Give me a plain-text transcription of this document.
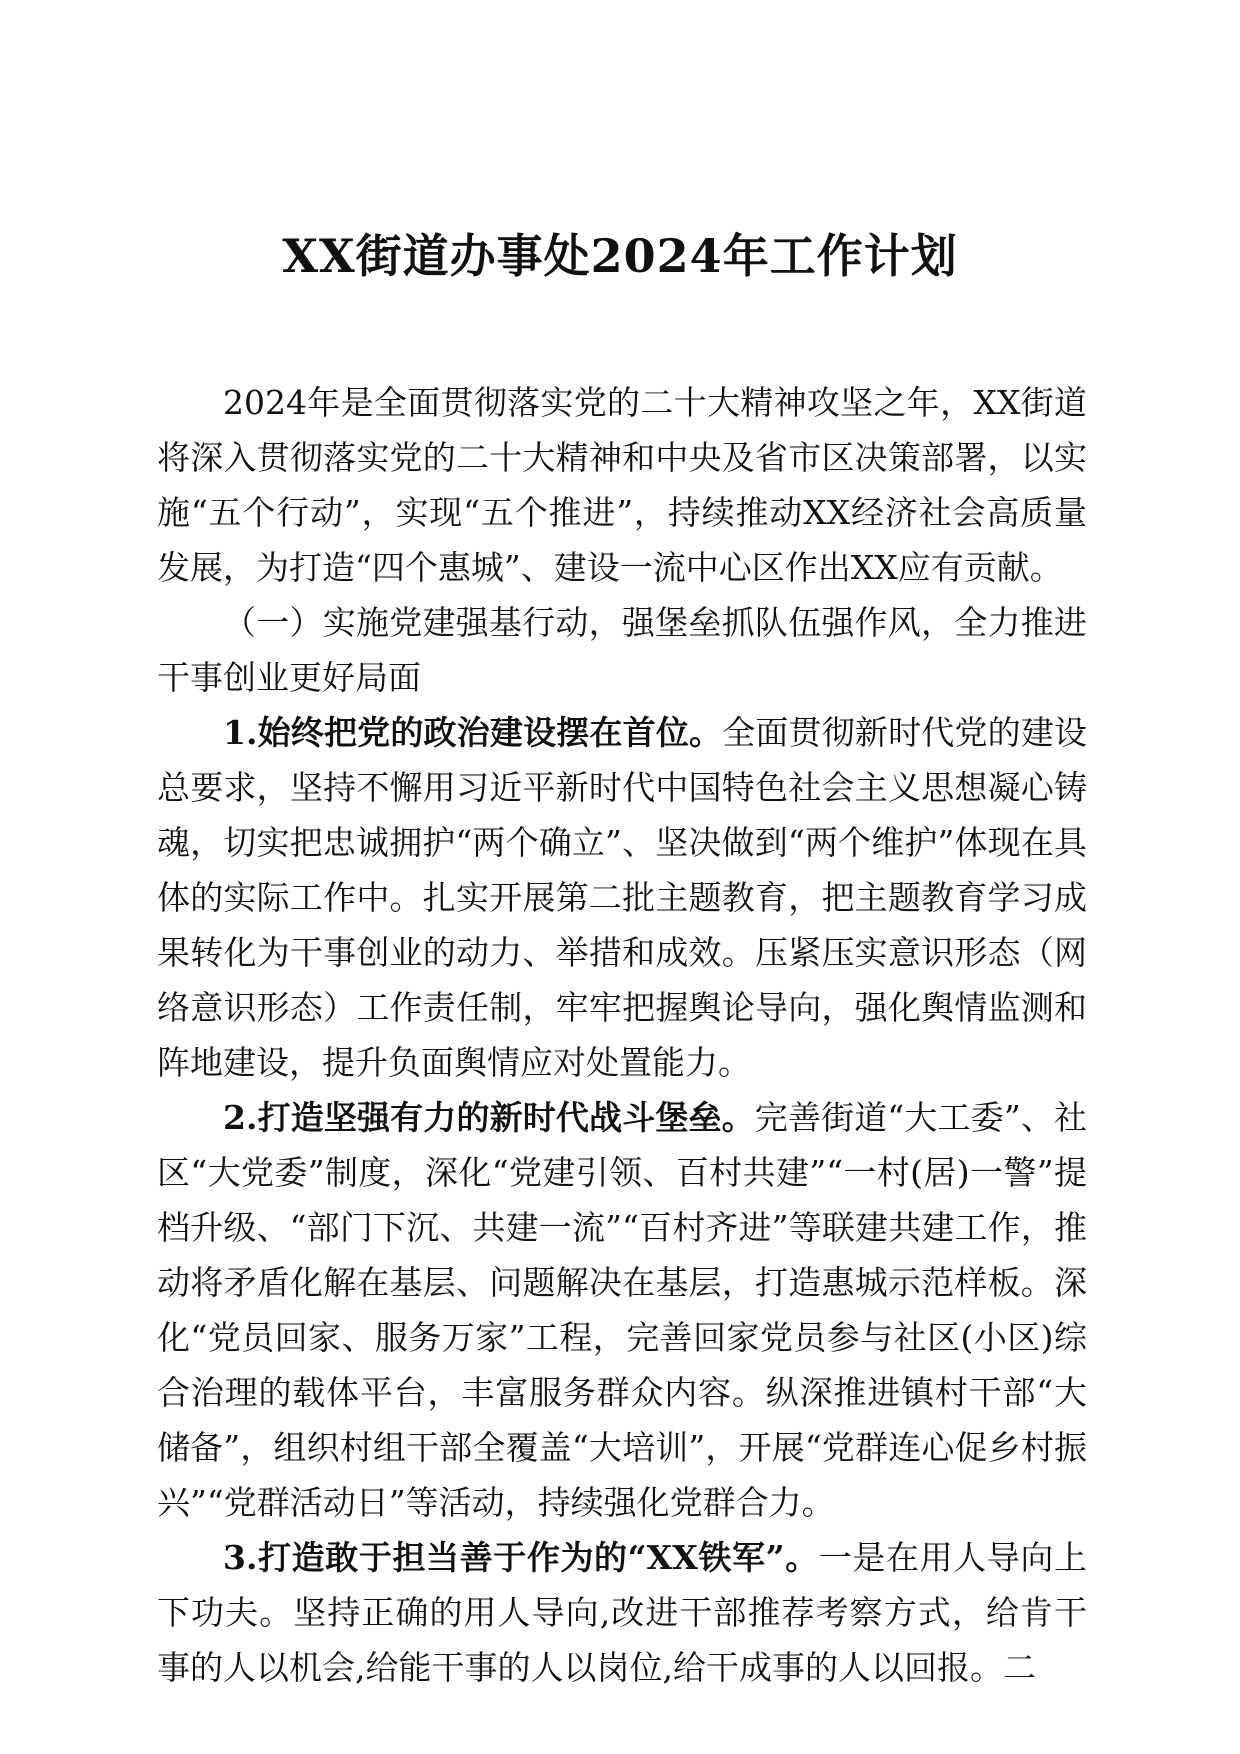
XX街道办事处2024年工作计划

2024年是全面贯彻落实党的二十大精神攻坚之年，XX街道将深入贯彻落实党的二十大精神和中央及省市区决策部署，以实施“五个行动”，实现“五个推进”，持续推动XX经济社会高质量发展，为打造“四个惠城”、建设一流中心区作出XX应有贡献。

（一）实施党建强基行动，强堡垒抓队伍强作风，全力推进干事创业更好局面

1.始终把党的政治建设摆在首位。全面贯彻新时代党的建设总要求，坚持不懈用习近平新时代中国特色社会主义思想凝心铸魂，切实把忠诚拥护“两个确立”、坚决做到“两个维护”体现在具体的实际工作中。扎实开展第二批主题教育，把主题教育学习成果转化为干事创业的动力、举措和成效。压紧压实意识形态（网络意识形态）工作责任制，牢牢把握舆论导向，强化舆情监测和阵地建设，提升负面舆情应对处置能力。

2.打造坚强有力的新时代战斗堡垒。完善街道“大工委”、社区“大党委”制度，深化“党建引领、百村共建”“一村(居)一警”提档升级、“部门下沉、共建一流”“百村齐进”等联建共建工作，推动将矛盾化解在基层、问题解决在基层，打造惠城示范样板。深化“党员回家、服务万家”工程，完善回家党员参与社区(小区)综合治理的载体平台，丰富服务群众内容。纵深推进镇村干部“大储备”，组织村组干部全覆盖“大培训”，开展“党群连心促乡村振兴”“党群活动日”等活动，持续强化党群合力。

3.打造敢于担当善于作为的“XX铁军”。一是在用人导向上下功夫。坚持正确的用人导向,改进干部推荐考察方式，给肯干事的人以机会,给能干事的人以岗位,给干成事的人以回报。二
